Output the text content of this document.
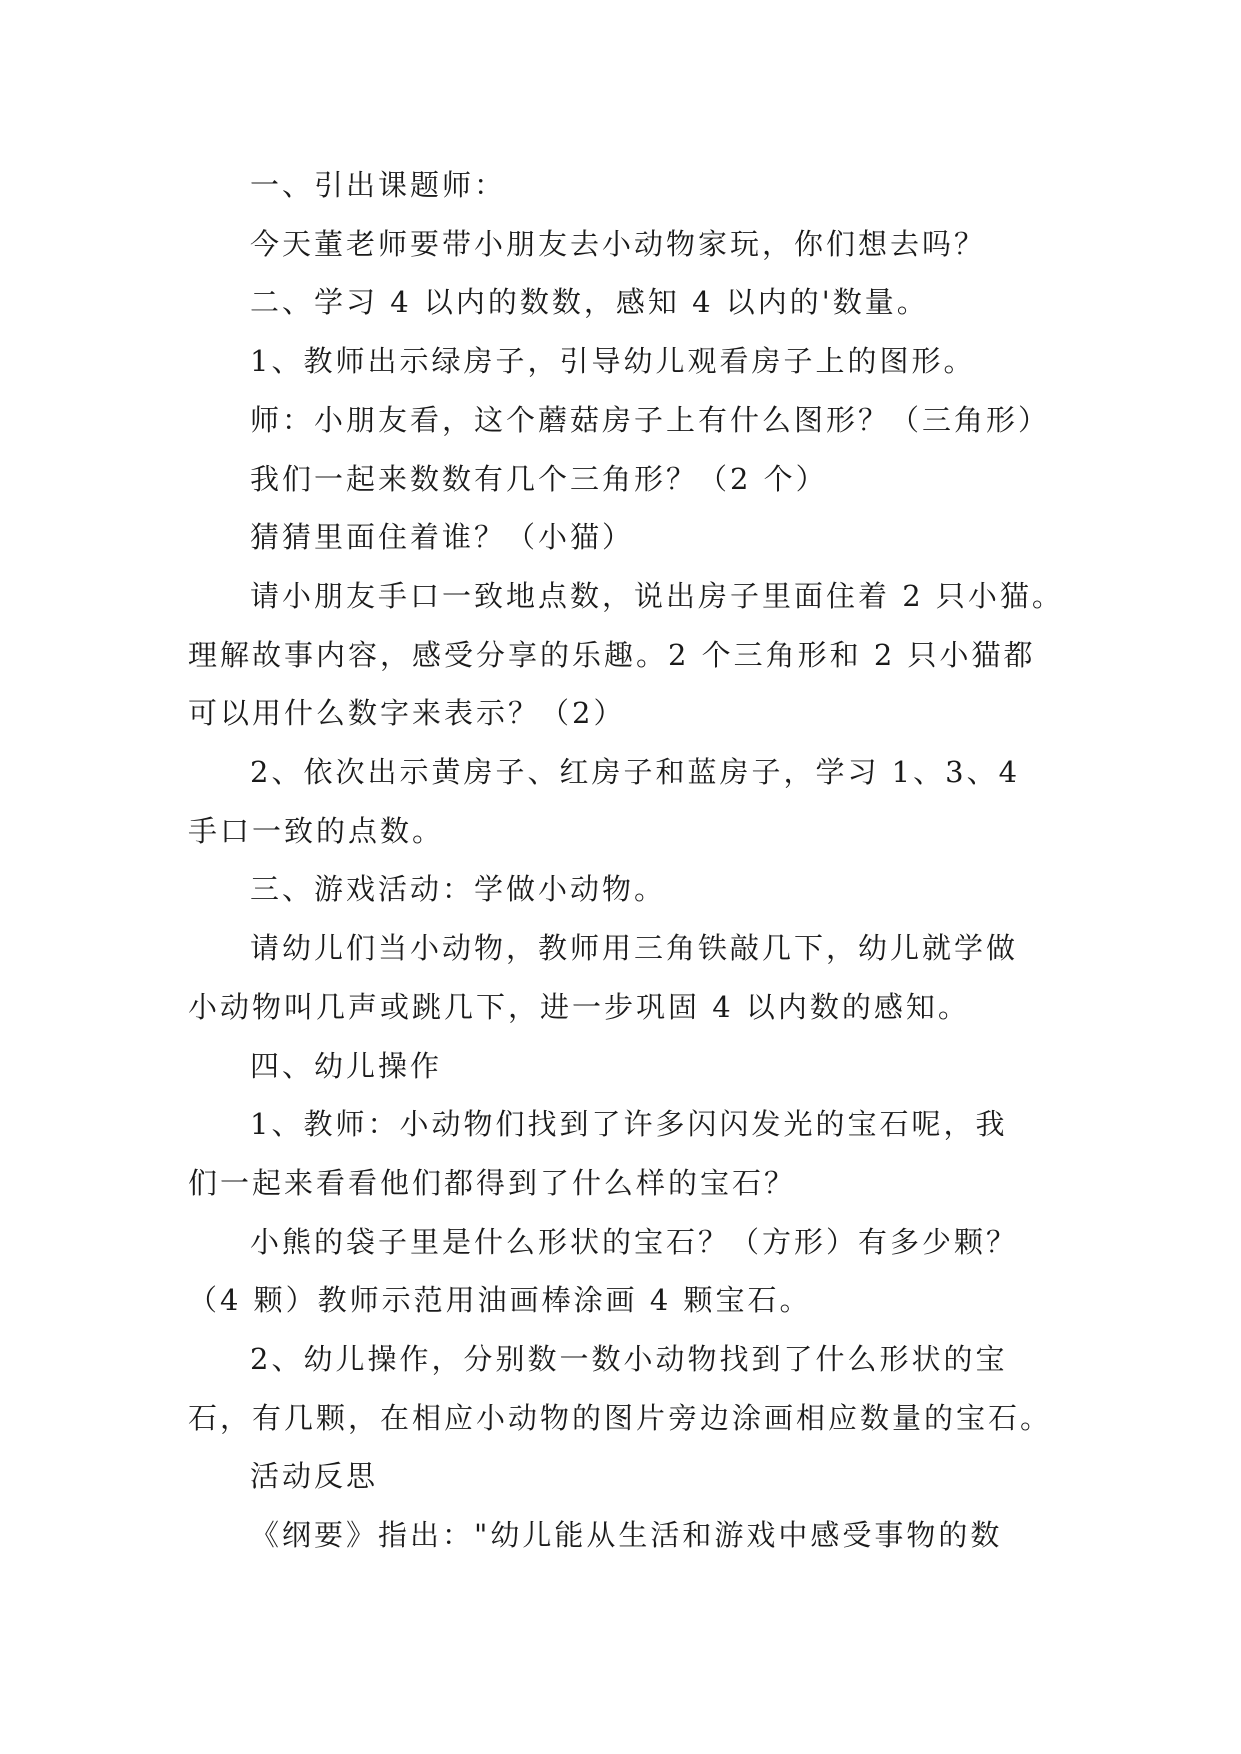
一、引出课题师：
今天董老师要带小朋友去小动物家玩，你们想去吗？
二、学习 4 以内的数数，感知 4 以内的'数量。
1、教师出示绿房子，引导幼儿观看房子上的图形。
师：小朋友看，这个蘑菇房子上有什么图形？（三角形）
我们一起来数数有几个三角形？（2 个）
猜猜里面住着谁？（小猫）
请小朋友手口一致地点数，说出房子里面住着 2 只小猫。
理解故事内容，感受分享的乐趣。2 个三角形和 2 只小猫都
可以用什么数字来表示？（2）
2、依次出示黄房子、红房子和蓝房子，学习 1、3、4
手口一致的点数。
三、游戏活动：学做小动物。
请幼儿们当小动物，教师用三角铁敲几下，幼儿就学做
小动物叫几声或跳几下，进一步巩固 4 以内数的感知。
四、幼儿操作
1、教师：小动物们找到了许多闪闪发光的宝石呢，我
们一起来看看他们都得到了什么样的宝石？
小熊的袋子里是什么形状的宝石？（方形）有多少颗？
（4 颗）教师示范用油画棒涂画 4 颗宝石。
2、幼儿操作，分别数一数小动物找到了什么形状的宝
石，有几颗，在相应小动物的图片旁边涂画相应数量的宝石。
活动反思
《纲要》指出："幼儿能从生活和游戏中感受事物的数
